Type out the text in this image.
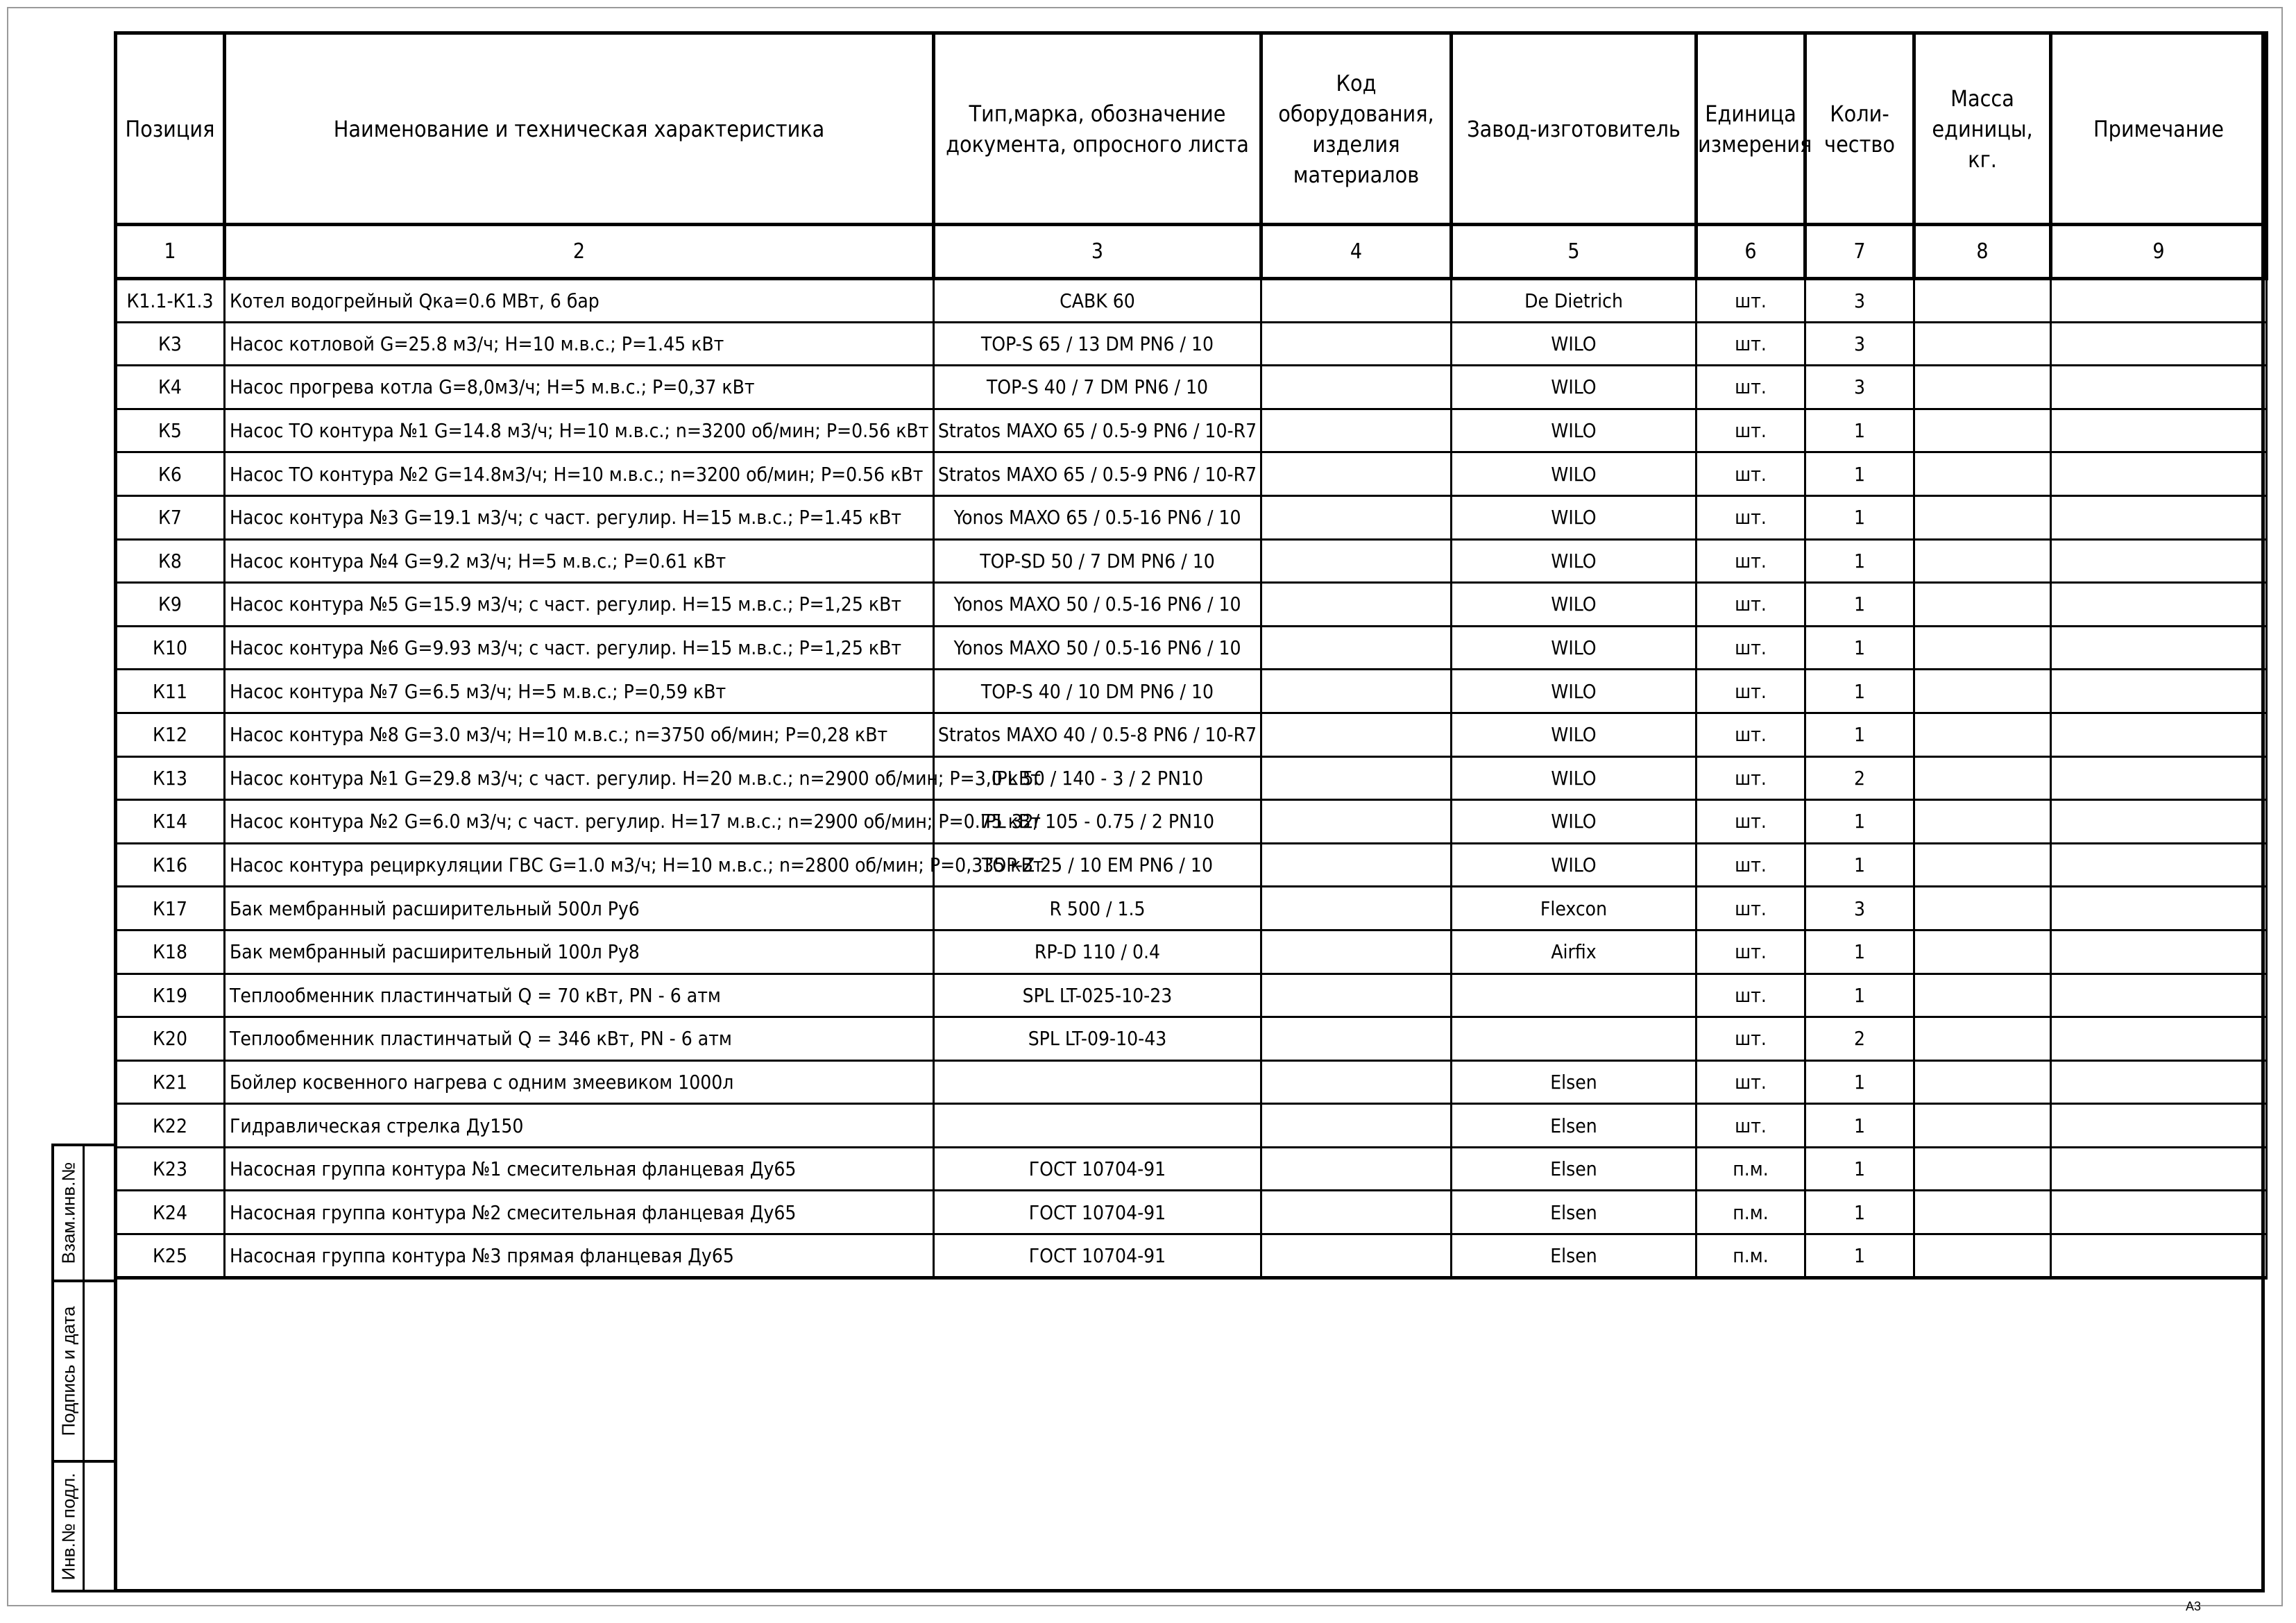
Позиция	Наименование и техническая характеристика	Тип,марка, обозначение документа, опросного листа	Код оборудования, изделия материалов	Завод-изготовитель	Единица измерения	Коли- чество	Масса единицы, кг.	Примечание
1	2	3	4	5	6	7	8	9
К1.1-К1.3	Котел водогрейный Qка=0.6 МВт, 6 бар	CABK 60		De Dietrich	шт.	3		
К3	Насос котловой G=25.8 м3/ч; H=10 м.в.с.; P=1.45 кВт	TOP-S 65 / 13 DM PN6 / 10		WILO	шт.	3		
К4	Насос прогрева котла G=8,0м3/ч; H=5 м.в.с.; P=0,37 кВт	TOP-S 40 / 7 DM PN6 / 10		WILO	шт.	3		
К5	Насос ТО контура №1 G=14.8 м3/ч; H=10 м.в.с.; n=3200 об/мин; P=0.56 кВт	Stratos MAXO 65 / 0.5-9 PN6 / 10-R7		WILO	шт.	1		
К6	Насос ТО контура №2 G=14.8м3/ч; H=10 м.в.с.; n=3200 об/мин; P=0.56 кВт	Stratos MAXO 65 / 0.5-9 PN6 / 10-R7		WILO	шт.	1		
К7	Насос контура №3 G=19.1 м3/ч; с част. регулир. H=15 м.в.с.; P=1.45 кВт	Yonos MAXO 65 / 0.5-16 PN6 / 10		WILO	шт.	1		
К8	Насос контура №4 G=9.2 м3/ч; H=5 м.в.с.; P=0.61 кВт	TOP-SD 50 / 7 DM PN6 / 10		WILO	шт.	1		
К9	Насос контура №5 G=15.9 м3/ч; с част. регулир. H=15 м.в.с.; P=1,25 кВт	Yonos MAXO 50 / 0.5-16 PN6 / 10		WILO	шт.	1		
К10	Насос контура №6 G=9.93 м3/ч; с част. регулир. H=15 м.в.с.; P=1,25 кВт	Yonos MAXO 50 / 0.5-16 PN6 / 10		WILO	шт.	1		
К11	Насос контура №7 G=6.5 м3/ч; H=5 м.в.с.; P=0,59 кВт	TOP-S 40 / 10 DM PN6 / 10		WILO	шт.	1		
К12	Насос контура №8 G=3.0 м3/ч; H=10 м.в.с.; n=3750 об/мин; P=0,28 кВт	Stratos MAXO 40 / 0.5-8 PN6 / 10-R7		WILO	шт.	1		
К13	Насос контура №1 G=29.8 м3/ч; с част. регулир. H=20 м.в.с.; n=2900 об/мин; P=3,0 кВт	IPL 50 / 140 - 3 / 2 PN10		WILO	шт.	2		
К14	Насос контура №2 G=6.0 м3/ч; с част. регулир. H=17 м.в.с.; n=2900 об/мин; P=0.75 кВт	IPL 32/ 105 - 0.75 / 2 PN10		WILO	шт.	1		
К16	Насос контура рециркуляции ГВС G=1.0 м3/ч; H=10 м.в.с.; n=2800 об/мин; P=0,335 кВт	TOP-Z 25 / 10 EM PN6 / 10		WILO	шт.	1		
К17	Бак мембранный расширительный 500л Ру6	R 500 / 1.5		Flexcon	шт.	3		
К18	Бак мембранный расширительный 100л Ру8	RP-D 110 / 0.4		Airfix	шт.	1		
К19	Теплообменник пластинчатый Q = 70 кВт, PN - 6 атм	SPL LT-025-10-23			шт.	1		
К20	Теплообменник пластинчатый Q = 346 кВт, PN - 6 атм	SPL LT-09-10-43			шт.	2		
К21	Бойлер косвенного нагрева с одним змеевиком 1000л			Elsen	шт.	1		
К22	Гидравлическая стрелка Ду150			Elsen	шт.	1		
К23	Насосная группа контура №1 смесительная фланцевая Ду65	ГОСТ 10704-91		Elsen	п.м.	1		
К24	Насосная группа контура №2 смесительная фланцевая Ду65	ГОСТ 10704-91		Elsen	п.м.	1		
К25	Насосная группа контура №3 прямая фланцевая Ду65	ГОСТ 10704-91		Elsen	п.м.	1		
Взам.инв.№
Подпись и дата
Инв.№ подл.
А3
